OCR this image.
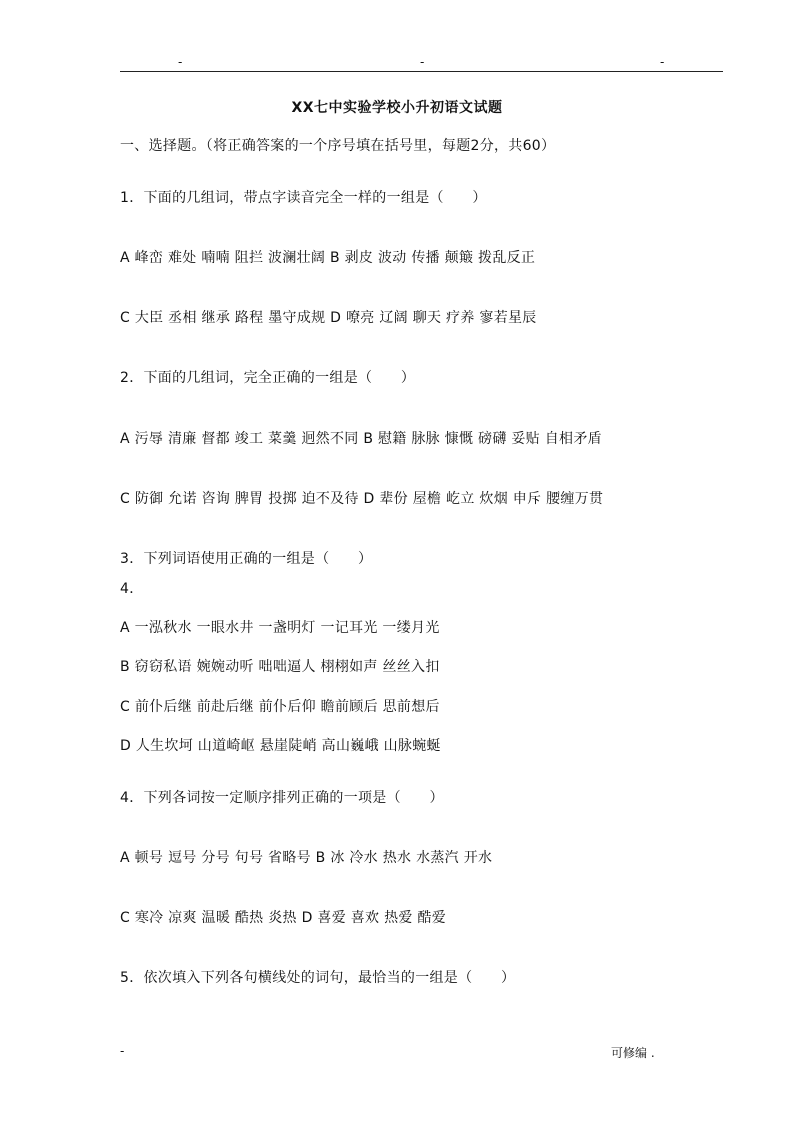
-	-	-
XX七中实验学校小升初语文试题
一、选择题。（将正确答案的一个序号填在括号里，每题2分，共60）
1．下面的几组词，带点字读音完全一样的一组是（　　）
A 峰峦 难处 喃喃 阻拦 波澜壮阔 B 剥皮 波动 传播 颠簸 拨乱反正
C 大臣 丞相 继承 路程 墨守成规 D 嘹亮 辽阔 聊天 疗养 寥若星辰
2．下面的几组词，完全正确的一组是（　　）
A 污辱 清廉 督都 竣工 菜羹 迥然不同 B 慰籍 脉脉 慷慨 磅礴 妥贴 自相矛盾
C 防御 允诺 咨询 脾胃 投掷 迫不及待 D 辈份 屋檐 屹立 炊烟 申斥 腰缠万贯
3．下列词语使用正确的一组是（　　）
4．
A 一泓秋水 一眼水井 一盏明灯 一记耳光 一缕月光
B 窃窃私语 婉婉动听 咄咄逼人 栩栩如声 丝丝入扣
C 前仆后继 前赴后继 前仆后仰 瞻前顾后 思前想后
D 人生坎坷 山道崎岖 悬崖陡峭 高山巍峨 山脉蜿蜒
4．下列各词按一定顺序排列正确的一项是（　　）
A 顿号 逗号 分号 句号 省略号 B 冰 冷水 热水 水蒸汽 开水
C 寒冷 凉爽 温暖 酷热 炎热 D 喜爱 喜欢 热爱 酷爱
5．依次填入下列各句横线处的词句，最恰当的一组是（　　）
-	可修编 .
